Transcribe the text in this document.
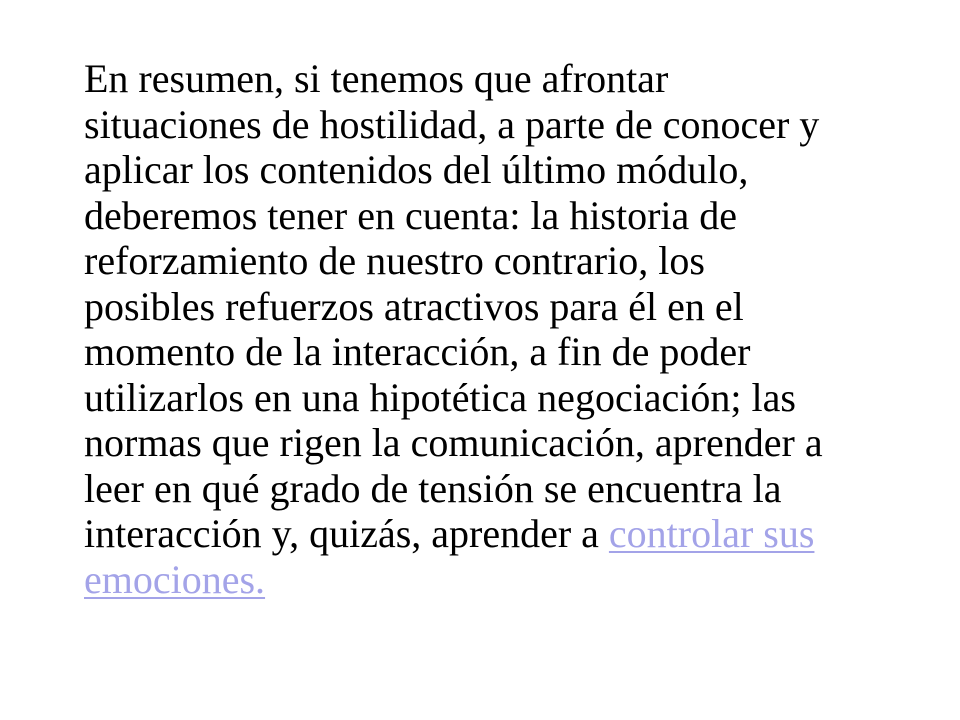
En resumen, si tenemos que afrontar
situaciones de hostilidad, a parte de conocer y
aplicar los contenidos del último módulo,
deberemos tener en cuenta: la historia de
reforzamiento de nuestro contrario, los
posibles refuerzos atractivos para él en el
momento de la interacción, a fin de poder
utilizarlos en una hipotética negociación; las
normas que rigen la comunicación, aprender a
leer en qué grado de tensión se encuentra la
interacción y, quizás, aprender a controlar sus
emociones.
